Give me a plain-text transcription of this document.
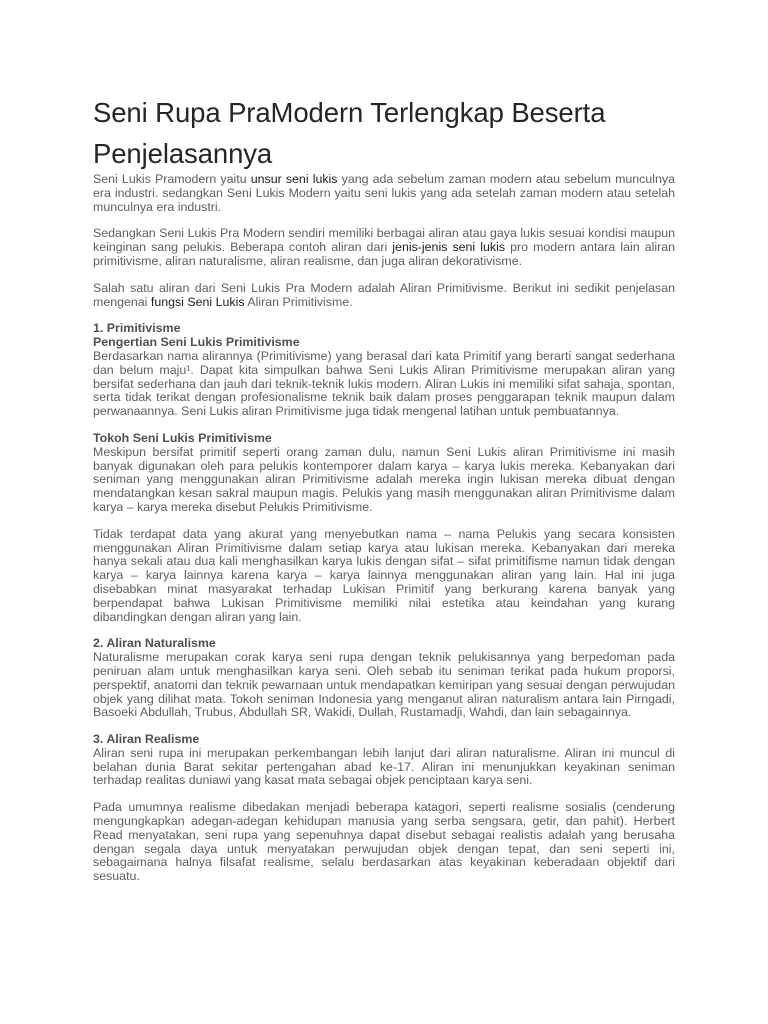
Seni Rupa PraModern Terlengkap Beserta Penjelasannya

Seni Lukis Pramodern yaitu unsur seni lukis yang ada sebelum zaman modern atau sebelum munculnya era industri. sedangkan Seni Lukis Modern yaitu seni lukis yang ada setelah zaman modern atau setelah munculnya era industri.

Sedangkan Seni Lukis Pra Modern sendiri memiliki berbagai aliran atau gaya lukis sesuai kondisi maupun keinginan sang pelukis. Beberapa contoh aliran dari jenis-jenis seni lukis pro modern antara lain aliran primitivisme, aliran naturalisme, aliran realisme, dan juga aliran dekorativisme.

Salah satu aliran dari Seni Lukis Pra Modern adalah Aliran Primitivisme. Berikut ini sedikit penjelasan mengenai fungsi Seni Lukis Aliran Primitivisme.

1. Primitivisme
Pengertian Seni Lukis Primitivisme

Berdasarkan nama alirannya (Primitivisme) yang berasal dari kata Primitif yang berarti sangat sederhana dan belum maju¹. Dapat kita simpulkan bahwa Seni Lukis Aliran Primitivisme merupakan aliran yang bersifat sederhana dan jauh dari teknik-teknik lukis modern. Aliran Lukis ini memiliki sifat sahaja, spontan, serta tidak terikat dengan profesionalisme teknik baik dalam proses penggarapan teknik maupun dalam perwanaannya. Seni Lukis aliran Primitivisme juga tidak mengenal latihan untuk pembuatannya.

Tokoh Seni Lukis Primitivisme

Meskipun bersifat primitif seperti orang zaman dulu, namun Seni Lukis aliran Primitivisme ini masih banyak digunakan oleh para pelukis kontemporer dalam karya – karya lukis mereka. Kebanyakan dari seniman yang menggunakan aliran Primitivisme adalah mereka ingin lukisan mereka dibuat dengan mendatangkan kesan sakral maupun magis. Pelukis yang masih menggunakan aliran Primitivisme dalam karya – karya mereka disebut Pelukis Primitivisme.

Tidak terdapat data yang akurat yang menyebutkan nama – nama Pelukis yang secara konsisten menggunakan Aliran Primitivisme dalam setiap karya atau lukisan mereka. Kebanyakan dari mereka hanya sekali atau dua kali menghasilkan karya lukis dengan sifat – sifat primitifisme namun tidak dengan karya – karya lainnya karena karya – karya lainnya menggunakan aliran yang lain. Hal ini juga disebabkan minat masyarakat terhadap Lukisan Primitif yang berkurang karena banyak yang berpendapat bahwa Lukisan Primitivisme memiliki nilai estetika atau keindahan yang kurang dibandingkan dengan aliran yang lain.

2. Aliran Naturalisme

Naturalisme merupakan corak karya seni rupa dengan teknik pelukisannya yang berpedoman pada peniruan alam untuk menghasilkan karya seni. Oleh sebab itu seniman terikat pada hukum proporsi, perspektif, anatomi dan teknik pewarnaan untuk mendapatkan kemiripan yang sesuai dengan perwujudan objek yang dilihat mata. Tokoh seniman Indonesia yang menganut aliran naturalism antara lain Pirngadi, Basoeki Abdullah, Trubus, Abdullah SR, Wakidi, Dullah, Rustamadji, Wahdi, dan lain sebagainnya.

3. Aliran Realisme

Aliran seni rupa ini merupakan perkembangan lebih lanjut dari aliran naturalisme. Aliran ini muncul di belahan dunia Barat sekitar pertengahan abad ke-17. Aliran ini menunjukkan keyakinan seniman terhadap realitas duniawi yang kasat mata sebagai objek penciptaan karya seni.

Pada umumnya realisme dibedakan menjadi beberapa katagori, seperti realisme sosialis (cenderung mengungkapkan adegan-adegan kehidupan manusia yang serba sengsara, getir, dan pahit). Herbert Read menyatakan, seni rupa yang sepenuhnya dapat disebut sebagai realistis adalah yang berusaha dengan segala daya untuk menyatakan perwujudan objek dengan tepat, dan seni seperti ini, sebagaimana halnya filsafat realisme, selalu berdasarkan atas keyakinan keberadaan objektif dari sesuatu.
